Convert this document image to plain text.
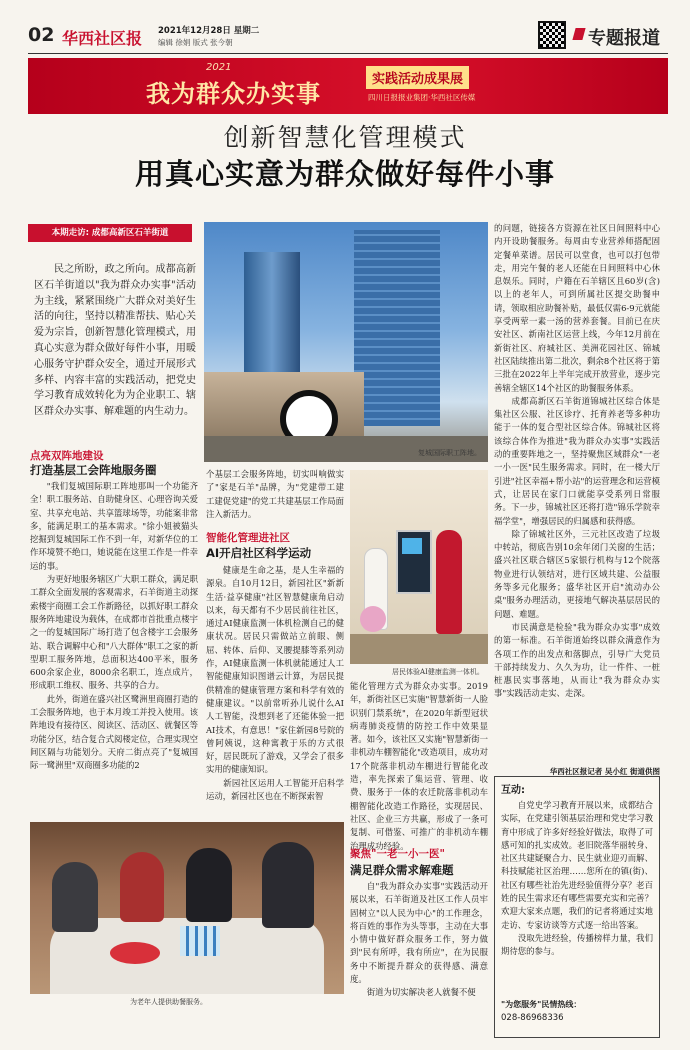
02 华西社区报 2021年12月28日 星期二
编辑 徐娟 版式 张今朝	专题报道
2021
我为群众办实事
实践活动成果展
四川日报报业集团·华西社区传媒
创新智慧化管理模式
用真心实意为群众做好每件小事
本期走访: 成都高新区石羊街道
民之所盼，政之所向。成都高新区石羊街道以"我为群众办实事"活动为主线，紧紧围绕广大群众对美好生活的向往，坚持以精准帮扶、贴心关爱为宗旨，创新智慧化管理模式，用真心实意为群众做好每件小事，用暖心服务守护群众安全，通过开展形式多样、内容丰富的实践活动，把党史学习教育成效转化为为企业职工、辖区群众办实事、解难题的内生动力。
点亮双阵地建设
打造基层工会阵地服务圈
"我们复城国际职工阵地那叫一个功能齐全！职工服务站、自助健身区、心理咨询关爱室、共享充电站、共享篮球场等，功能案非常多，能满足职工的基本需求。"徐小姐被猫头挖掘到复城国际工作不到一年，对新华位的工作环境赞不绝口，她说能在这里工作是一件幸运的事。
　　为更好地服务辖区广大职工群众，满足职工群众全面发展的客观需求，石羊街道主动探索楼宇商圈工会工作新路径，以抓好职工群众服务阵地建设为载体，在成都市首批重点楼宇之一的复城国际广场打造了包含楼宇工会服务站、联合调解中心和"八大群体"职工之家的新型职工服务阵地，总面积达400平米，服务600余家企业，8000余名职工，连点成片，形成职工维权、服务、共享的合力。
　　此外，街道在盛兴社区鹭洲里商圈打造的工会服务阵地，也于本月竣工并投入使用。该阵地设有接待区、阅读区、活动区、就餐区等功能分区，结合复合式阅楼定位，合理实现空间区隔与功能划分。天府二街点亮了"复城国际一鹭洲里"双商圈多功能的2
个基层工会服务阵地，切实叫响做实了"家是石羊"品牌，为"党建带工建 工建促党建"的党工共建基层工作局面注入新活力。
复城国际职工阵地。
智能化管理进社区
AI开启社区科学运动
健康是生命之基，是人生幸福的源泉。自10月12日，新园社区"新新生活·益享健康"社区智慧健康角启动以来，每天都有不少居民前往社区，通过AI健康监测一体机检测自己的健康状况。居民只需做站立前眼、侧屈、转体、后仰、叉腰提膝等系列动作，AI健康监测一体机就能通过人工智能健康知识图谱云计算，为居民提供精准的健康管理方案和科学有效的健康建议。"以前常听孙儿说什么AI人工智能，没想到老了还能体验一把AI技术，有意思！"家住新园8号院的曾阿姨说，这种寓教于乐的方式很好，居民既玩了游戏，又学会了很多实用的健康知识。
　　新园社区运用人工智能开启科学运动，新园社区也在不断探索智
居民体验AI健康监测一体机。
能化管理方式为群众办实事。2019年，新街社区已实施"智慧新街一人脸识别门禁系统"，在2020年新型冠状病毒肺炎疫情的防控工作中效果显著。如今，该社区又实施"智慧新街一非机动车棚智能化"改造项目，成功对17个院落非机动车棚进行智能化改造，率先探索了集运营、管理、收费、服务于一体的农迁院落非机动车棚智能化改造工作路径，实现居民、社区、企业三方共赢，形成了一条可复制、可借鉴、可推广的非机动车棚治理成功经验。
聚焦"一老一小一医"
满足群众需求解难题
自"我为群众办实事"实践活动开展以来，石羊街道及社区工作人员牢固树立"以人民为中心"的工作理念，将百姓的事作为头等事，主动在大事小情中做好群众服务工作，努力做到"民有所呼，我有所应"，在为民服务中不断提升群众的获得感、满意度。
　　街道为切实解决老人就餐不便
的问题，链接各方资源在社区日间照料中心内开设助餐服务。每周由专业营养师搭配固定餐单菜谱。居民可以堂食，也可以打包带走，用完午餐的老人还能在日间照料中心休息娱乐。同时，户籍在石羊辖区且60岁(含)以上的老年人，可到所属社区提交助餐申请，领取相应助餐补贴，最低仅需6-9元就能享受两荤一素一汤的营养套餐。目前已在庆安社区、新南社区运营上线，今年12月前在新街社区、府城社区、美洲花园社区、锦城社区陆续推出第二批次，剩余8个社区将于第三批在2022年上半年完成开放营业，逐步完善辖全辖区14个社区的助餐服务体系。
　　成都高新区石羊街道锦城社区综合体是集社区公服、社区诊疗、托育养老等多种功能于一体的复合型社区综合体。锦城社区将该综合体作为推进"我为群众办实事"实践活动的重要阵地之一，坚持聚焦区域群众"一老一小一医"民生服务需求。同时，在一楼大厅引进"社区幸福+帮小站"的运营理念和运营模式，让居民在家门口就能享受系列日常服务。下一步，锦城社区还将打造"锦乐学院幸福学堂"，增强居民的归属感和获得感。
　　除了锦城社区外，三元社区改造了垃圾中转站，彻底告别10余年闭门关窗的生活；盛兴社区联合辖区5家银行机构与12个院落物业进行认领结对，进行区域共建、公益服务等多元化服务；盛华社区开启"流动办公桌"服务办理活动，更接地气解决基层居民的问题、难题。
　　市民满意是检验"我为群众办实事"成效的第一标准。石羊街道始终以群众满意作为各项工作的出发点和落脚点，引导广大党员干部持续发力、久久为功，让一件件、一桩桩惠民实事落地，从而让"我为群众办实事"实践活动走实、走深。
华西社区报记者 吴小红 街道供图
为老年人提供助餐服务。
互动:
自党史学习教育开展以来，成都结合实际，在党建引领基层治理和党史学习教育中形成了许多好经验好做法，取得了可感可知的扎实成效。老旧院落华丽转身、社区共建疑聚合力、民生就业迎刃而解、科技赋能社区治理……您所在的镇(街)、社区有哪些社治先进经验值得分享？老百姓的民生需求还有哪些需要充实和完善？欢迎大家来点题，我们的记者将通过实地走访、专家访谈等方式逐一给出答案。
　　没取先进经验，传播榜样力量，我们期待您的参与。
"为您服务"民情热线：
028-86968336
